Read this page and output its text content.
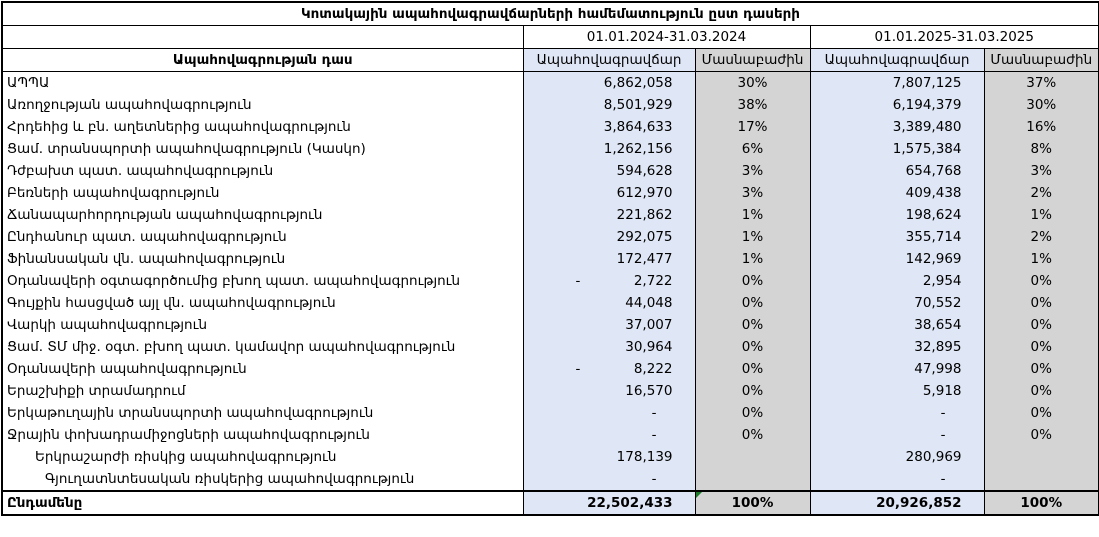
Կոտակային ապահովագրավճարների համեմատություն ըստ դասերի				
	01.01.2024-31.03.2024		01.01.2025-31.03.2025	
Ապահովագրության դաս	Ապահովագրավճար	Մասնաբաժին	Ապահովագրավճար	Մասնաբաժին
ԱՊՊԱ	6,862,058	30%	7,807,125	37%
Առողջության ապահովագրություն	8,501,929	38%	6,194,379	30%
Հրդեհից և բն. աղետներից ապահովագրություն	3,864,633	17%	3,389,480	16%
Ցամ. տրանսպորտի ապահովագրություն (Կասկո)	1,262,156	6%	1,575,384	8%
Դժբախտ պատ. ապահովագրություն	594,628	3%	654,768	3%
Բեռների ապահովագրություն	612,970	3%	409,438	2%
Ճանապարհորդության ապահովագրություն	221,862	1%	198,624	1%
Ընդհանուր պատ. ապահովագրություն	292,075	1%	355,714	2%
Ֆինանսական վն. ապահովագրություն	172,477	1%	142,969	1%
Օդանավերի օգտագործումից բխող պատ. ապահովագրություն	- 2,722	0%	2,954	0%
Գույքին հասցված այլ վն. ապահովագրություն	44,048	0%	70,552	0%
Վարկի ապահովագրություն	37,007	0%	38,654	0%
Ցամ. ՏՄ միջ. օգտ. բխող պատ. կամավոր ապահովագրություն	30,964	0%	32,895	0%
Օդանավերի ապահովագրություն	- 8,222	0%	47,998	0%
Երաշխիքի տրամադրում	16,570	0%	5,918	0%
Երկաթուղային տրանսպորտի ապահովագրություն	-	0%	-	0%
Ջրային փոխադրամիջոցների ապահովագրություն	-	0%	-	0%
Երկրաշարժի ռիսկից ապահովագրություն	178,139		280,969	
Գյուղատնտեսական ռիսկերից ապահովագրություն	-		-	
Ընդամենը	22,502,433	100%	20,926,852	100%
